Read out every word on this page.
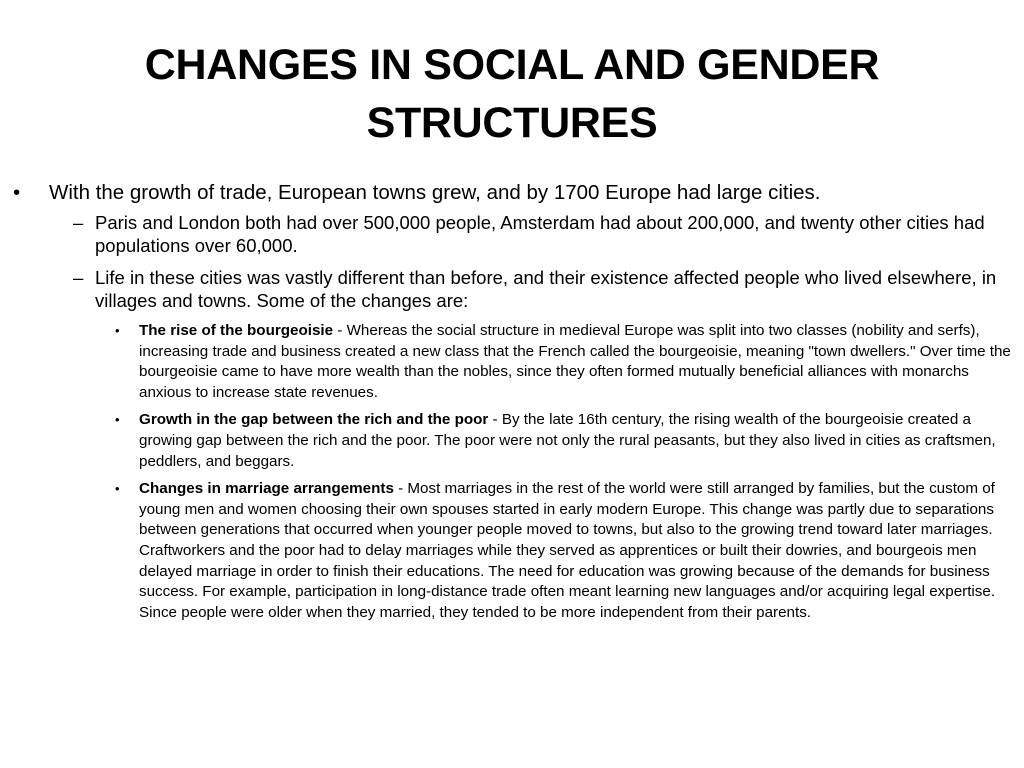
CHANGES IN SOCIAL AND GENDER
STRUCTURES
• With the growth of trade, European towns grew, and by 1700 Europe had large cities.
– Paris and London both had over 500,000 people, Amsterdam had about 200,000, and twenty other cities had populations over 60,000.
– Life in these cities was vastly different than before, and their existence affected people who lived elsewhere, in villages and towns. Some of the changes are:
• The rise of the bourgeoisie - Whereas the social structure in medieval Europe was split into two classes (nobility and serfs), increasing trade and business created a new class that the French called the bourgeoisie, meaning "town dwellers." Over time the bourgeoisie came to have more wealth than the nobles, since they often formed mutually beneficial alliances with monarchs anxious to increase state revenues.
• Growth in the gap between the rich and the poor - By the late 16th century, the rising wealth of the bourgeoisie created a growing gap between the rich and the poor. The poor were not only the rural peasants, but they also lived in cities as craftsmen, peddlers, and beggars.
• Changes in marriage arrangements - Most marriages in the rest of the world were still arranged by families, but the custom of young men and women choosing their own spouses started in early modern Europe. This change was partly due to separations between generations that occurred when younger people moved to towns, but also to the growing trend toward later marriages. Craftworkers and the poor had to delay marriages while they served as apprentices or built their dowries, and bourgeois men delayed marriage in order to finish their educations. The need for education was growing because of the demands for business success. For example, participation in long-distance trade often meant learning new languages and/or acquiring legal expertise. Since people were older when they married, they tended to be more independent from their parents.
